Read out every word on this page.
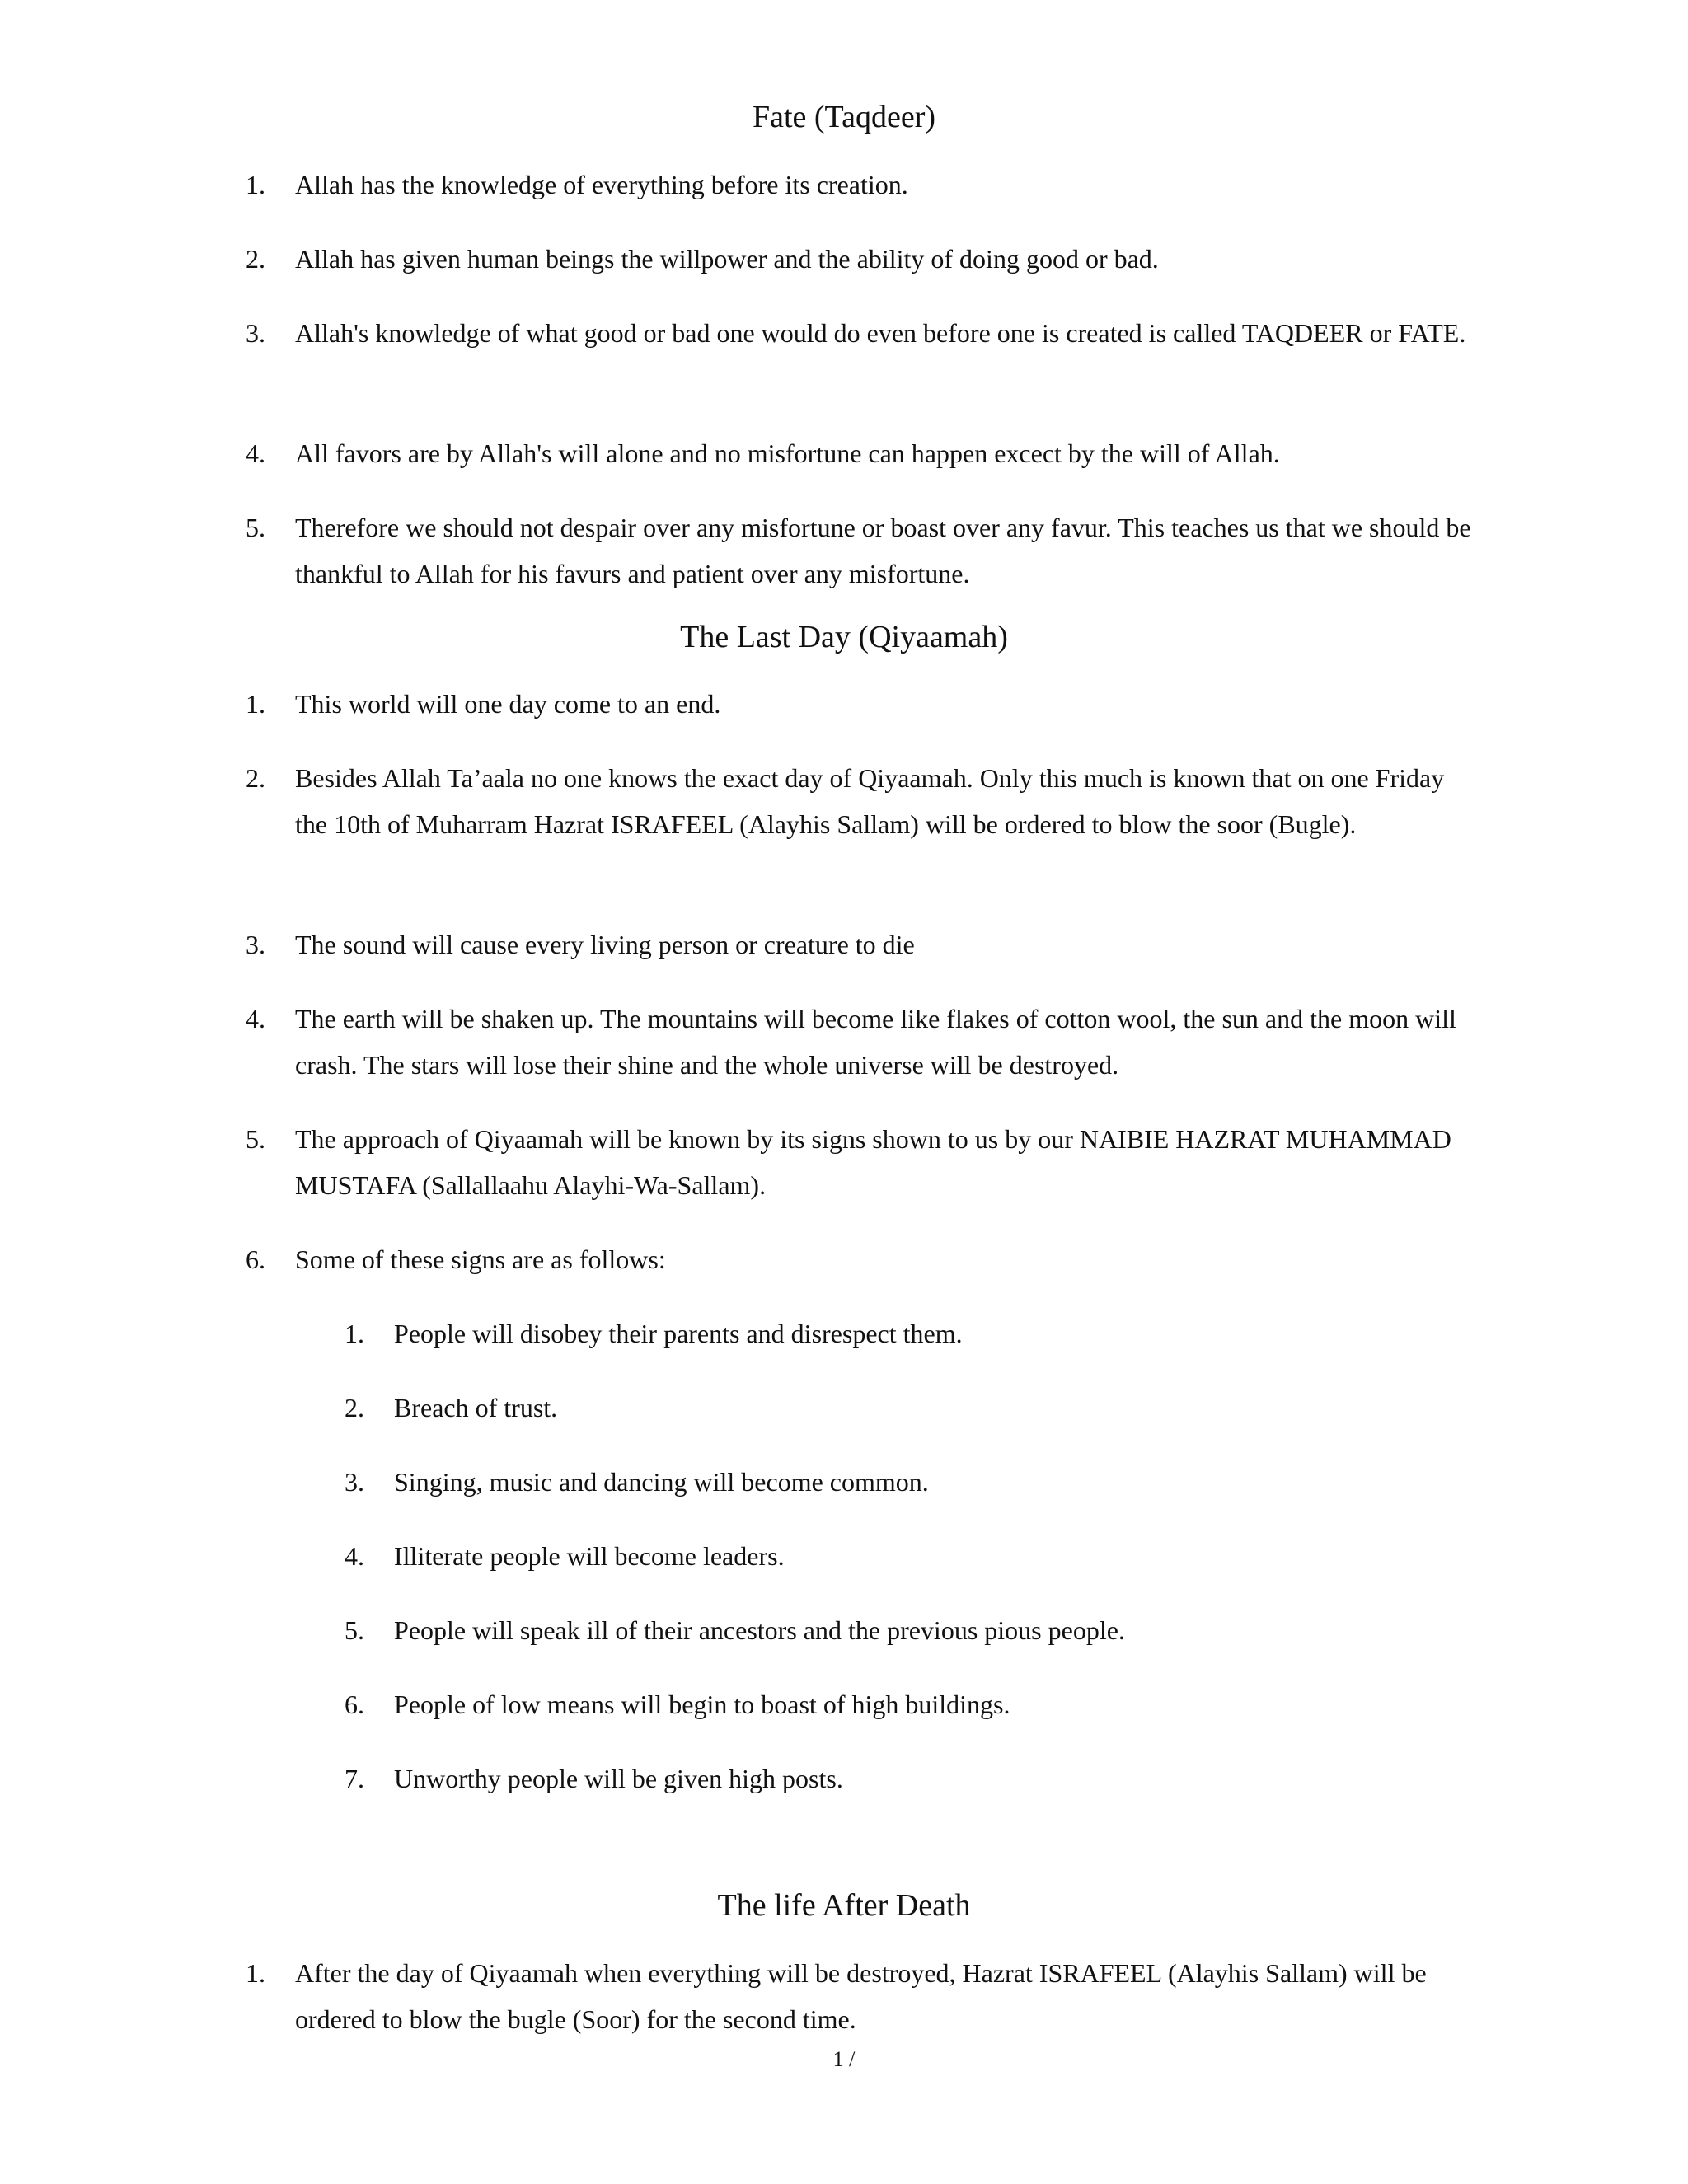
Fate (Taqdeer)
1. Allah has the knowledge of everything before its creation.
2. Allah has given human beings the willpower and the ability of doing good or bad.
3. Allah's knowledge of what good or bad one would do even before one is created is called TAQDEER or FATE.
4. All favors are by Allah's will alone and no misfortune can happen excect by the will of Allah.
5. Therefore we should not despair over any misfortune or boast over any favur. This teaches us that we should be thankful to Allah for his favurs and patient over any misfortune.
The Last Day (Qiyaamah)
1. This world will one day come to an end.
2. Besides Allah Ta’aala no one knows the exact day of Qiyaamah. Only this much is known that on one Friday the 10th of Muharram Hazrat ISRAFEEL (Alayhis Sallam) will be ordered to blow the soor (Bugle).
3. The sound will cause every living person or creature to die
4. The earth will be shaken up. The mountains will become like flakes of cotton wool, the sun and the moon will crash. The stars will lose their shine and the whole universe will be destroyed.
5. The approach of Qiyaamah will be known by its signs shown to us by our NAIBIE HAZRAT MUHAMMAD MUSTAFA (Sallallaahu Alayhi-Wa-Sallam).
6. Some of these signs are as follows:
1. People will disobey their parents and disrespect them.
2. Breach of trust.
3. Singing, music and dancing will become common.
4. Illiterate people will become leaders.
5. People will speak ill of their ancestors and the previous pious people.
6. People of low means will begin to boast of high buildings.
7. Unworthy people will be given high posts.
The life After Death
1. After the day of Qiyaamah when everything will be destroyed, Hazrat ISRAFEEL (Alayhis Sallam) will be ordered to blow the bugle (Soor) for the second time.
1 /
